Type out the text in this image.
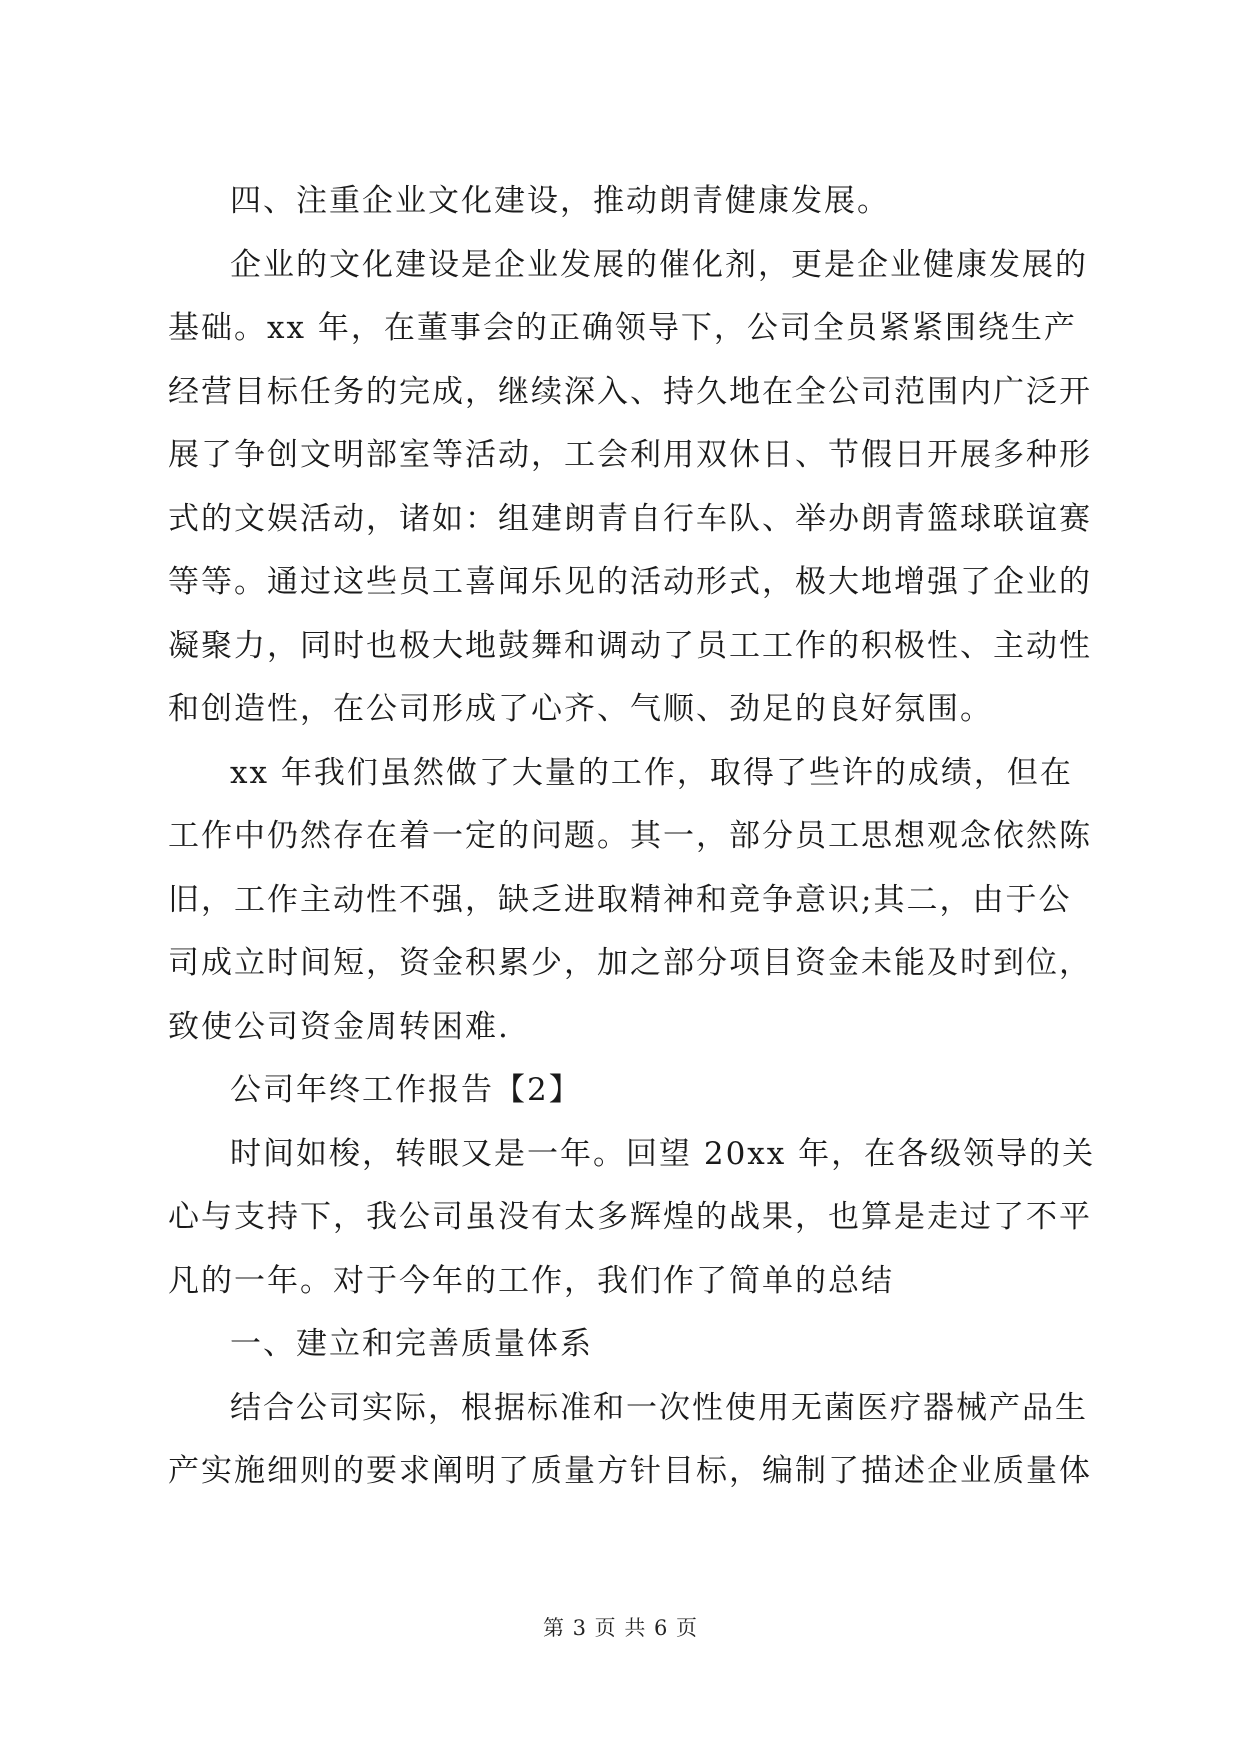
四、注重企业文化建设，推动朗青健康发展。
企业的文化建设是企业发展的催化剂，更是企业健康发展的
基础。xx 年，在董事会的正确领导下，公司全员紧紧围绕生产
经营目标任务的完成，继续深入、持久地在全公司范围内广泛开
展了争创文明部室等活动，工会利用双休日、节假日开展多种形
式的文娱活动，诸如：组建朗青自行车队、举办朗青篮球联谊赛
等等。通过这些员工喜闻乐见的活动形式，极大地增强了企业的
凝聚力，同时也极大地鼓舞和调动了员工工作的积极性、主动性
和创造性，在公司形成了心齐、气顺、劲足的良好氛围。
xx 年我们虽然做了大量的工作，取得了些许的成绩，但在
工作中仍然存在着一定的问题。其一，部分员工思想观念依然陈
旧，工作主动性不强，缺乏进取精神和竞争意识;其二，由于公
司成立时间短，资金积累少，加之部分项目资金未能及时到位，
致使公司资金周转困难.
公司年终工作报告【2】
时间如梭，转眼又是一年。回望 20xx 年，在各级领导的关
心与支持下，我公司虽没有太多辉煌的战果，也算是走过了不平
凡的一年。对于今年的工作，我们作了简单的总结
一、建立和完善质量体系
结合公司实际，根据标准和一次性使用无菌医疗器械产品生
产实施细则的要求阐明了质量方针目标，编制了描述企业质量体
第 3 页 共 6 页
